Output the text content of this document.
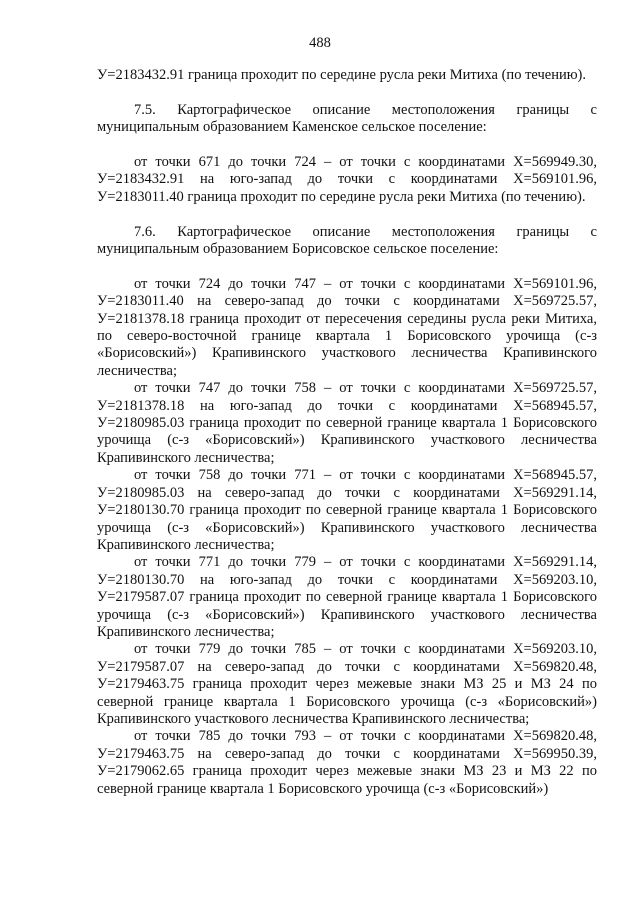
488

У=2183432.91 граница проходит по середине русла реки Митиха (по течению).

7.5. Картографическое описание местоположения границы с муниципальным образованием Каменское сельское поселение:

от точки 671 до точки 724 – от точки с координатами Х=569949.30, У=2183432.91 на юго-запад до точки с координатами Х=569101.96, У=2183011.40 граница проходит по середине русла реки Митиха (по течению).

7.6. Картографическое описание местоположения границы с муниципальным образованием Борисовское сельское поселение:

от точки 724 до точки 747 – от точки с координатами Х=569101.96, У=2183011.40 на северо-запад до точки с координатами Х=569725.57, У=2181378.18 граница проходит от пересечения середины русла реки Митиха, по северо-восточной границе квартала 1 Борисовского урочища (с-з «Борисовский») Крапивинского участкового лесничества Крапивинского лесничества;

от точки 747 до точки 758 – от точки с координатами Х=569725.57, У=2181378.18 на юго-запад до точки с координатами Х=568945.57, У=2180985.03 граница проходит по северной границе квартала 1 Борисовского урочища (с-з «Борисовский») Крапивинского участкового лесничества Крапивинского лесничества;

от точки 758 до точки 771 – от точки с координатами Х=568945.57, У=2180985.03 на северо-запад до точки с координатами Х=569291.14, У=2180130.70 граница проходит по северной границе квартала 1 Борисовского урочища (с-з «Борисовский») Крапивинского участкового лесничества Крапивинского лесничества;

от точки 771 до точки 779 – от точки с координатами Х=569291.14, У=2180130.70 на юго-запад до точки с координатами Х=569203.10, У=2179587.07 граница проходит по северной границе квартала 1 Борисовского урочища (с-з «Борисовский») Крапивинского участкового лесничества Крапивинского лесничества;

от точки 779 до точки 785 – от точки с координатами Х=569203.10, У=2179587.07 на северо-запад до точки с координатами Х=569820.48, У=2179463.75 граница проходит через межевые знаки МЗ 25 и МЗ 24 по северной границе квартала 1 Борисовского урочища (с-з «Борисовский») Крапивинского участкового лесничества Крапивинского лесничества;

от точки 785 до точки 793 – от точки с координатами Х=569820.48, У=2179463.75 на северо-запад до точки с координатами Х=569950.39, У=2179062.65 граница проходит через межевые знаки МЗ 23 и МЗ 22 по северной границе квартала 1 Борисовского урочища (с-з «Борисовский»)
